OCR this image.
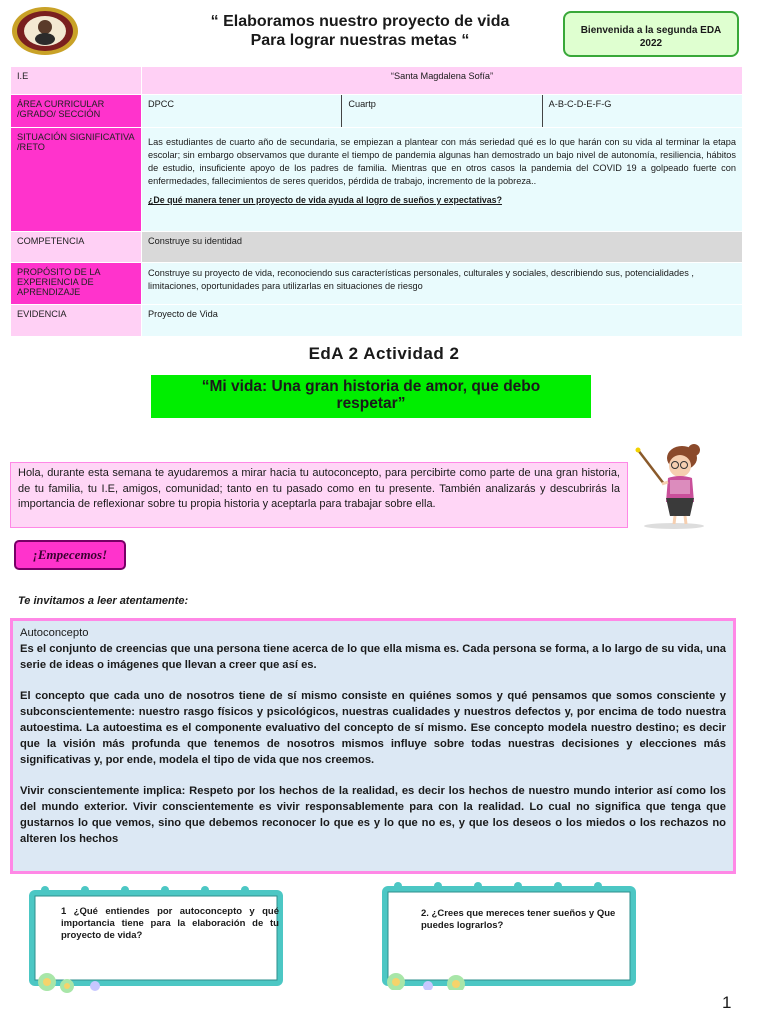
“ Elaboramos nuestro proyecto de vida
Para lograr nuestras metas “
Bienvenida a la segunda EDA
2022
I.E	“Santa Magdalena Sofía”		
ÁREA CURRICULAR /GRADO/ SECCIÓN	DPCC	Cuartp	A-B-C-D-E-F-G
SITUACIÓN SIGNIFICATIVA /RETO	Las estudiantes de cuarto año de secundaria, se empiezan a plantear con más seriedad qué es lo que harán con su vida al terminar la etapa escolar; sin embargo observamos que durante el tiempo de pandemia algunas han demostrado un bajo nivel de autonomía, resiliencia, hábitos de estudio, insuficiente apoyo de los padres de familia. Mientras que en otros casos la pandemia del COVID 19 a golpeado fuerte con enfermedades, fallecimientos de seres queridos, pérdida de trabajo, incremento de la pobreza..

¿De qué manera tener un proyecto de vida ayuda al logro de sueños y expectativas?		

COMPETENCIA	Construye su identidad		
PROPÓSITO DE LA EXPERIENCIA DE APRENDIZAJE	Construye su proyecto de vida, reconociendo sus características personales, culturales y sociales, describiendo sus, potencialidades , limitaciones, oportunidades para utilizarlas en situaciones de riesgo		
EVIDENCIA	Proyecto de Vida		
EdA 2 Actividad 2
“Mi vida: Una gran historia de amor, que debo
respetar”
Hola, durante esta semana te ayudaremos a mirar hacia tu autoconcepto, para percibirte como parte de una gran historia, de tu familia, tu I.E, amigos, comunidad; tanto en tu pasado como en tu presente. También analizarás y descubrirás la importancia de reflexionar sobre tu propia historia y aceptarla para trabajar sobre ella.
¡Empecemos!
Te invitamos a leer atentamente:
Autoconcepto

Es el conjunto de creencias que una persona tiene acerca de lo que ella misma es. Cada persona se forma, a lo largo de su vida, una serie de ideas o imágenes que llevan a creer que así es.

El concepto que cada uno de nosotros tiene de sí mismo consiste en quiénes somos y qué pensamos que somos consciente y subconscientemente: nuestro rasgo físicos y psicológicos, nuestras cualidades y nuestros defectos y, por encima de todo nuestra autoestima. La autoestima es el componente evaluativo del concepto de sí mismo. Ese concepto modela nuestro destino; es decir que la visión más profunda que tenemos de nosotros mismos influye sobre todas nuestras decisiones y elecciones más significativas y, por ende, modela el tipo de vida que nos creemos.

Vivir conscientemente implica: Respeto por los hechos de la realidad, es decir los hechos de nuestro mundo interior así como los del mundo exterior. Vivir conscientemente es vivir responsablemente para con la realidad. Lo cual no significa que tenga que gustarnos lo que vemos, sino que debemos reconocer lo que es y lo que no es, y que los deseos o los miedos o los rechazos no alteren los hechos

1 ¿Qué entiendes por autoconcepto y qué importancia tiene para la elaboración de tu proyecto de vida?
2. ¿Crees que mereces tener sueños y Que puedes lograrlos?
1
